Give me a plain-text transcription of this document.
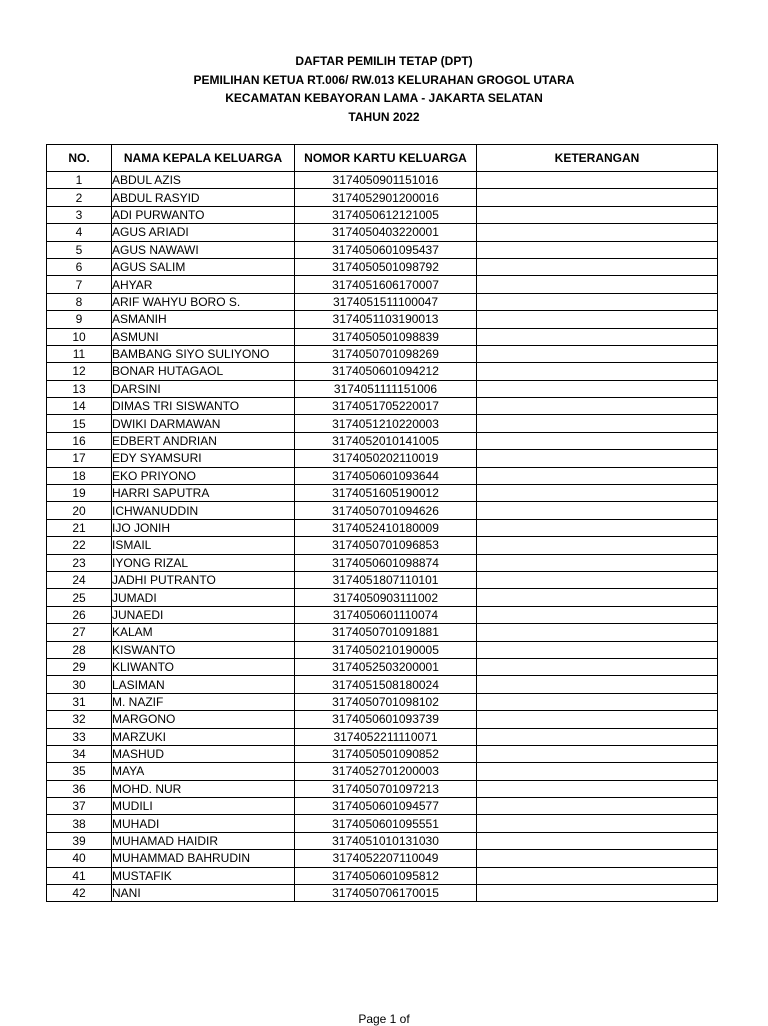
DAFTAR PEMILIH TETAP (DPT)
PEMILIHAN KETUA RT.006/ RW.013 KELURAHAN GROGOL UTARA
KECAMATAN KEBAYORAN LAMA - JAKARTA SELATAN
TAHUN 2022
NO.	NAMA KEPALA KELUARGA	NOMOR KARTU KELUARGA	KETERANGAN
1	ABDUL AZIS	3174050901151016	
2	ABDUL RASYID	3174052901200016	
3	ADI PURWANTO	3174050612121005	
4	AGUS ARIADI	3174050403220001	
5	AGUS NAWAWI	3174050601095437	
6	AGUS SALIM	3174050501098792	
7	AHYAR	3174051606170007	
8	ARIF WAHYU BORO S.	3174051511100047	
9	ASMANIH	3174051103190013	
10	ASMUNI	3174050501098839	
11	BAMBANG SIYO SULIYONO	3174050701098269	
12	BONAR HUTAGAOL	3174050601094212	
13	DARSINI	3174051111151006	
14	DIMAS TRI SISWANTO	3174051705220017	
15	DWIKI DARMAWAN	3174051210220003	
16	EDBERT ANDRIAN	3174052010141005	
17	EDY SYAMSURI	3174050202110019	
18	EKO PRIYONO	3174050601093644	
19	HARRI SAPUTRA	3174051605190012	
20	ICHWANUDDIN	3174050701094626	
21	IJO JONIH	3174052410180009	
22	ISMAIL	3174050701096853	
23	IYONG RIZAL	3174050601098874	
24	JADHI PUTRANTO	3174051807110101	
25	JUMADI	3174050903111002	
26	JUNAEDI	3174050601110074	
27	KALAM	3174050701091881	
28	KISWANTO	3174050210190005	
29	KLIWANTO	3174052503200001	
30	LASIMAN	3174051508180024	
31	M. NAZIF	3174050701098102	
32	MARGONO	3174050601093739	
33	MARZUKI	3174052211110071	
34	MASHUD	3174050501090852	
35	MAYA	3174052701200003	
36	MOHD. NUR	3174050701097213	
37	MUDILI	3174050601094577	
38	MUHADI	3174050601095551	
39	MUHAMAD HAIDIR	3174051010131030	
40	MUHAMMAD BAHRUDIN	3174052207110049	
41	MUSTAFIK	3174050601095812	
42	NANI	3174050706170015	
Page 1 of
